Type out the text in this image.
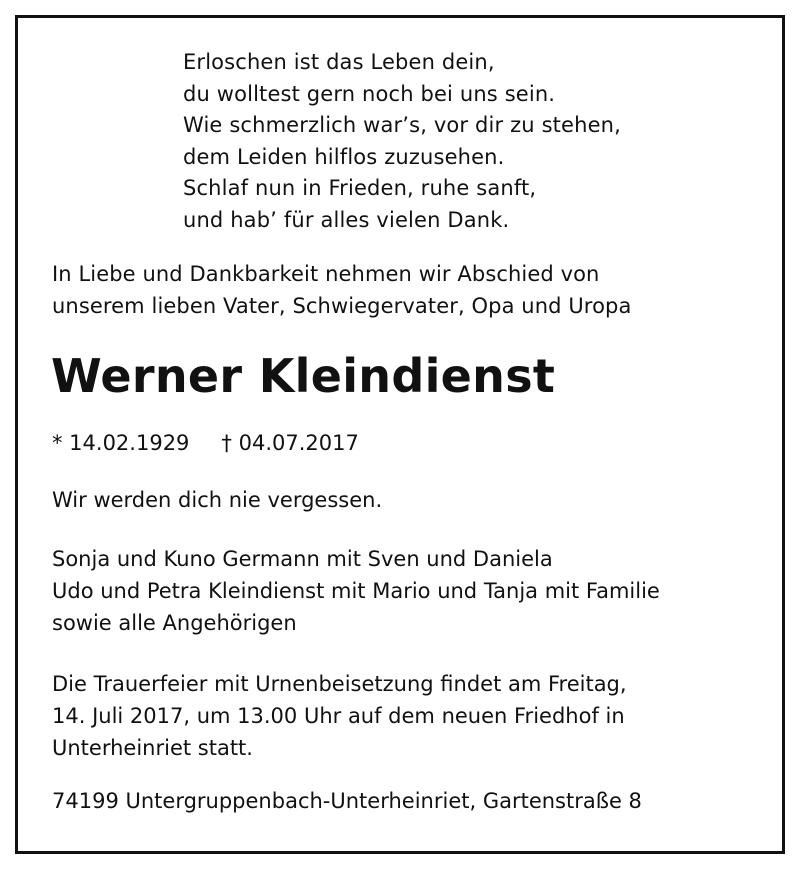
Erloschen ist das Leben dein,
du wolltest gern noch bei uns sein.
Wie schmerzlich war’s, vor dir zu stehen,
dem Leiden hilflos zuzusehen.
Schlaf nun in Frieden, ruhe sanft,
und hab’ für alles vielen Dank.
In Liebe und Dankbarkeit nehmen wir Abschied von
unserem lieben Vater, Schwiegervater, Opa und Uropa
Werner Kleindienst
* 14.02.1929 † 04.07.2017
Wir werden dich nie vergessen.
Sonja und Kuno Germann mit Sven und Daniela
Udo und Petra Kleindienst mit Mario und Tanja mit Familie
sowie alle Angehörigen
Die Trauerfeier mit Urnenbeisetzung findet am Freitag,
14. Juli 2017, um 13.00 Uhr auf dem neuen Friedhof in
Unterheinriet statt.
74199 Untergruppenbach-Unterheinriet, Gartenstraße 8
